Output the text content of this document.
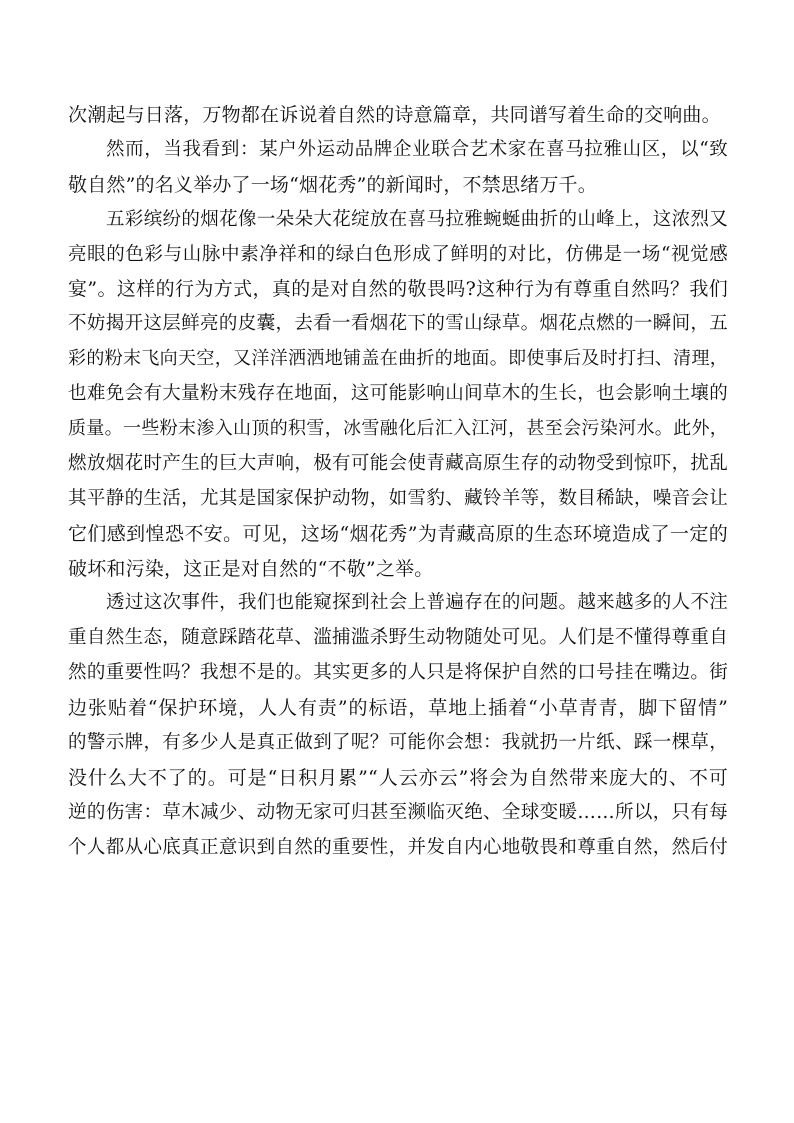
次潮起与日落，万物都在诉说着自然的诗意篇章，共同谱写着生命的交响曲。
然而，当我看到：某户外运动品牌企业联合艺术家在喜马拉雅山区，以“致
敬自然”的名义举办了一场“烟花秀”的新闻时，不禁思绪万千。
五彩缤纷的烟花像一朵朵大花绽放在喜马拉雅蜿蜒曲折的山峰上，这浓烈又
亮眼的色彩与山脉中素净祥和的绿白色形成了鲜明的对比，仿佛是一场“视觉感
宴”。这样的行为方式，真的是对自然的敬畏吗?这种行为有尊重自然吗？我们
不妨揭开这层鲜亮的皮囊，去看一看烟花下的雪山绿草。烟花点燃的一瞬间，五
彩的粉末飞向天空，又洋洋洒洒地铺盖在曲折的地面。即使事后及时打扫、清理，
也难免会有大量粉末残存在地面，这可能影响山间草木的生长，也会影响土壤的
质量。一些粉末渗入山顶的积雪，冰雪融化后汇入江河，甚至会污染河水。此外，
燃放烟花时产生的巨大声响，极有可能会使青藏高原生存的动物受到惊吓，扰乱
其平静的生活，尤其是国家保护动物，如雪豹、藏铃羊等，数目稀缺，噪音会让
它们感到惶恐不安。可见，这场“烟花秀”为青藏高原的生态环境造成了一定的
破坏和污染，这正是对自然的“不敬”之举。
透过这次事件，我们也能窥探到社会上普遍存在的问题。越来越多的人不注
重自然生态，随意踩踏花草、滥捕滥杀野生动物随处可见。人们是不懂得尊重自
然的重要性吗？我想不是的。其实更多的人只是将保护自然的口号挂在嘴边。街
边张贴着“保护环境，人人有责”的标语，草地上插着“小草青青，脚下留情”
的警示牌，有多少人是真正做到了呢？可能你会想：我就扔一片纸、踩一棵草，
没什么大不了的。可是“日积月累”“人云亦云”将会为自然带来庞大的、不可
逆的伤害：草木减少、动物无家可归甚至濒临灭绝、全球变暖……所以，只有每
个人都从心底真正意识到自然的重要性，并发自内心地敬畏和尊重自然，然后付
